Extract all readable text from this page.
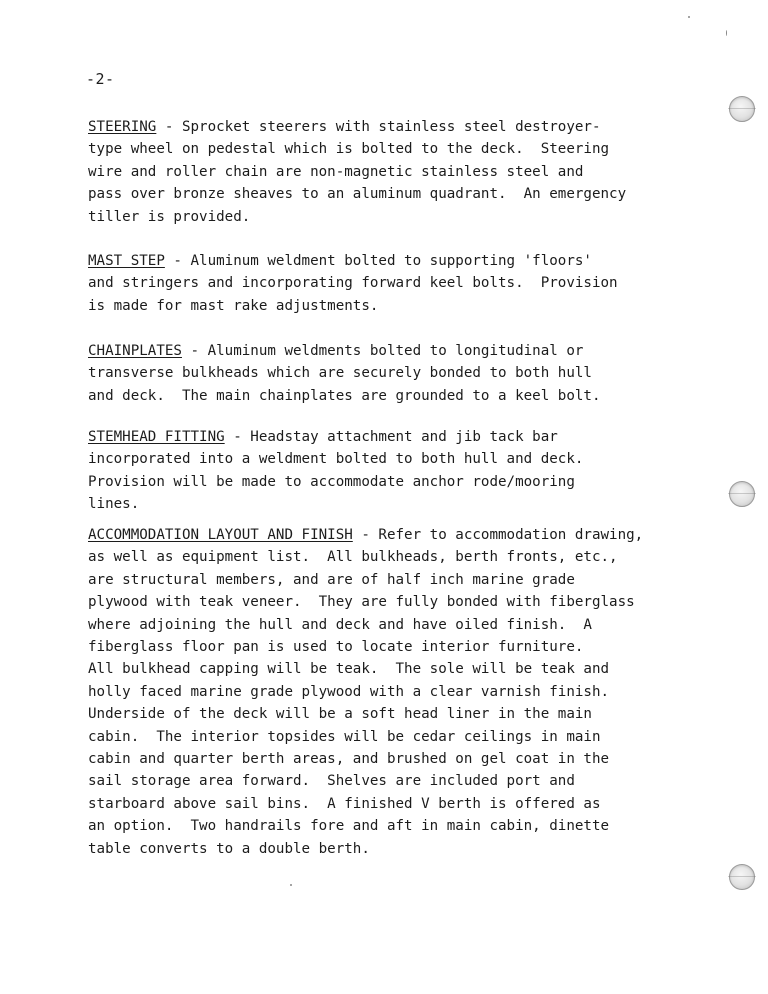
-2-
STEERING - Sprocket steerers with stainless steel destroyer-
type wheel on pedestal which is bolted to the deck.  Steering
wire and roller chain are non-magnetic stainless steel and
pass over bronze sheaves to an aluminum quadrant.  An emergency
tiller is provided.
MAST STEP - Aluminum weldment bolted to supporting 'floors'
and stringers and incorporating forward keel bolts.  Provision
is made for mast rake adjustments.
CHAINPLATES - Aluminum weldments bolted to longitudinal or
transverse bulkheads which are securely bonded to both hull
and deck.  The main chainplates are grounded to a keel bolt.
STEMHEAD FITTING - Headstay attachment and jib tack bar
incorporated into a weldment bolted to both hull and deck.
Provision will be made to accommodate anchor rode/mooring
lines.
ACCOMMODATION LAYOUT AND FINISH - Refer to accommodation drawing,
as well as equipment list.  All bulkheads, berth fronts, etc.,
are structural members, and are of half inch marine grade
plywood with teak veneer.  They are fully bonded with fiberglass
where adjoining the hull and deck and have oiled finish.  A
fiberglass floor pan is used to locate interior furniture.
All bulkhead capping will be teak.  The sole will be teak and
holly faced marine grade plywood with a clear varnish finish.
Underside of the deck will be a soft head liner in the main
cabin.  The interior topsides will be cedar ceilings in main
cabin and quarter berth areas, and brushed on gel coat in the
sail storage area forward.  Shelves are included port and
starboard above sail bins.  A finished V berth is offered as
an option.  Two handrails fore and aft in main cabin, dinette
table converts to a double berth.
